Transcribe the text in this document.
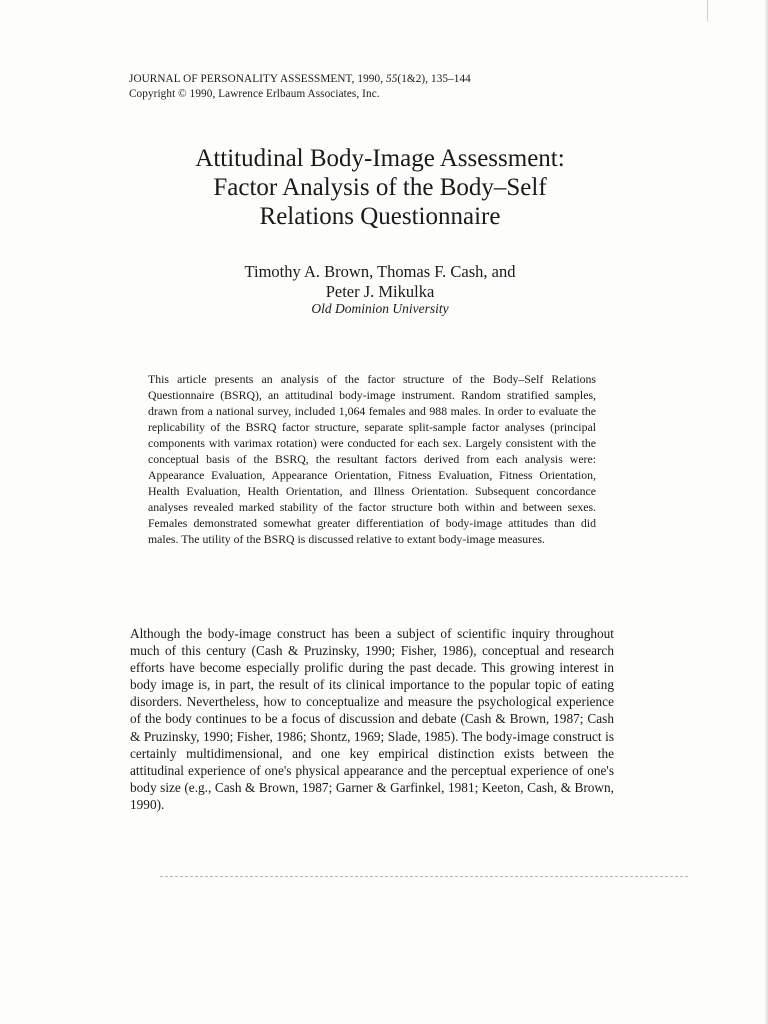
JOURNAL OF PERSONALITY ASSESSMENT, 1990, 55(1&2), 135–144
Copyright © 1990, Lawrence Erlbaum Associates, Inc.
Attitudinal Body-Image Assessment:
Factor Analysis of the Body–Self
Relations Questionnaire
Timothy A. Brown, Thomas F. Cash, and
Peter J. Mikulka
Old Dominion University

This article presents an analysis of the factor structure of the Body–Self Relations Questionnaire (BSRQ), an attitudinal body-image instrument. Random stratified samples, drawn from a national survey, included 1,064 females and 988 males. In order to evaluate the replicability of the BSRQ factor structure, separate split-sample factor analyses (principal components with varimax rotation) were conducted for each sex. Largely consistent with the conceptual basis of the BSRQ, the resultant factors derived from each analysis were: Appearance Evaluation, Appearance Orientation, Fitness Evaluation, Fitness Orientation, Health Evaluation, Health Orientation, and Illness Orientation. Subsequent concordance analyses revealed marked stability of the factor structure both within and between sexes. Females demonstrated somewhat greater differentiation of body-image attitudes than did males. The utility of the BSRQ is discussed relative to extant body-image measures.

Although the body-image construct has been a subject of scientific inquiry throughout much of this century (Cash & Pruzinsky, 1990; Fisher, 1986), conceptual and research efforts have become especially prolific during the past decade. This growing interest in body image is, in part, the result of its clinical importance to the popular topic of eating disorders. Nevertheless, how to conceptualize and measure the psychological experience of the body continues to be a focus of discussion and debate (Cash & Brown, 1987; Cash & Pruzinsky, 1990; Fisher, 1986; Shontz, 1969; Slade, 1985). The body-image construct is certainly multidimensional, and one key empirical distinction exists between the attitudinal experience of one's physical appearance and the perceptual experience of one's body size (e.g., Cash & Brown, 1987; Garner & Garfinkel, 1981; Keeton, Cash, & Brown, 1990).
